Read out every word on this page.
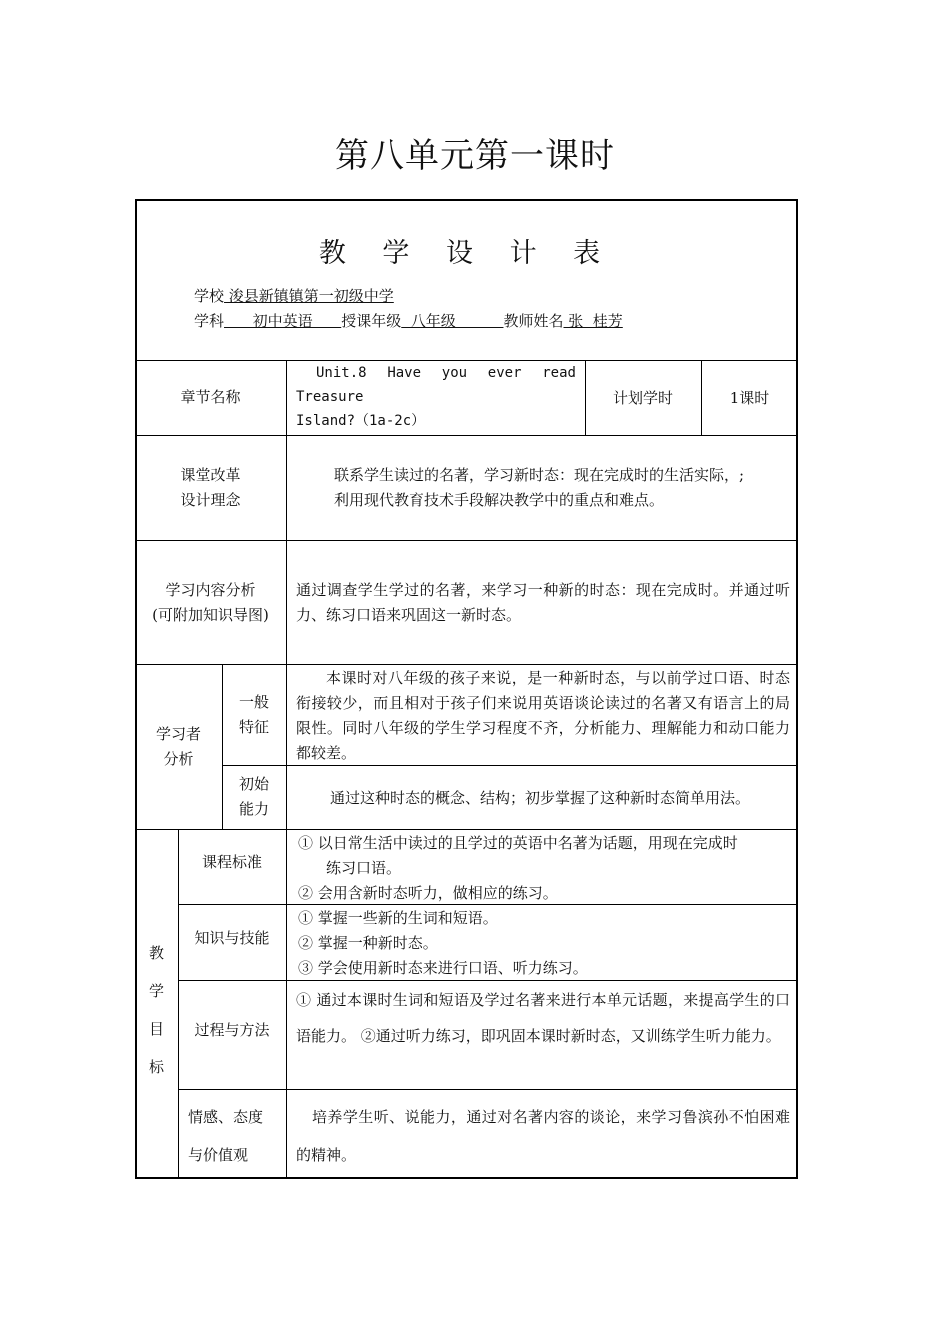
第八单元第一课时
教 学 设 计 表
学校 浚县新镇镇第一初级中学
学科      初中英语      授课年级  八年级          教师姓名 张  桂芳
章节名称
Unit.8 Have you ever read
Treasure
Island?（1a-2c）
计划学时	1课时
课堂改革
设计理念
联系学生读过的名著，学习新时态：现在完成时的生活实际，;
利用现代教育技术手段解决教学中的重点和难点。
学习内容分析
(可附加知识导图)
通过调查学生学过的名著，来学习一种新的时态：现在完成时。并通过听力、练习口语来巩固这一新时态。
学习者
分析
一般
特征
本课时对八年级的孩子来说，是一种新时态，与以前学过口语、时态衔接较少，而且相对于孩子们来说用英语谈论读过的名著又有语言上的局限性。同时八年级的学生学习程度不齐，分析能力、理解能力和动口能力都较差。
初始
能力
通过这种时态的概念、结构；初步掌握了这种新时态简单用法。
教
学
目
标
课程标准
① 以日常生活中读过的且学过的英语中名著为话题，用现在完成时
练习口语。
② 会用含新时态听力，做相应的练习。
知识与技能
① 掌握一些新的生词和短语。
② 掌握一种新时态。
③ 学会使用新时态来进行口语、听力练习。
过程与方法
① 通过本课时生词和短语及学过名著来进行本单元话题，来提高学生的口语能力。 ②通过听力练习，即巩固本课时新时态，又训练学生听力能力。
情感、态度
与价值观
培养学生听、说能力，通过对名著内容的谈论，来学习鲁滨孙不怕困难的精神。
